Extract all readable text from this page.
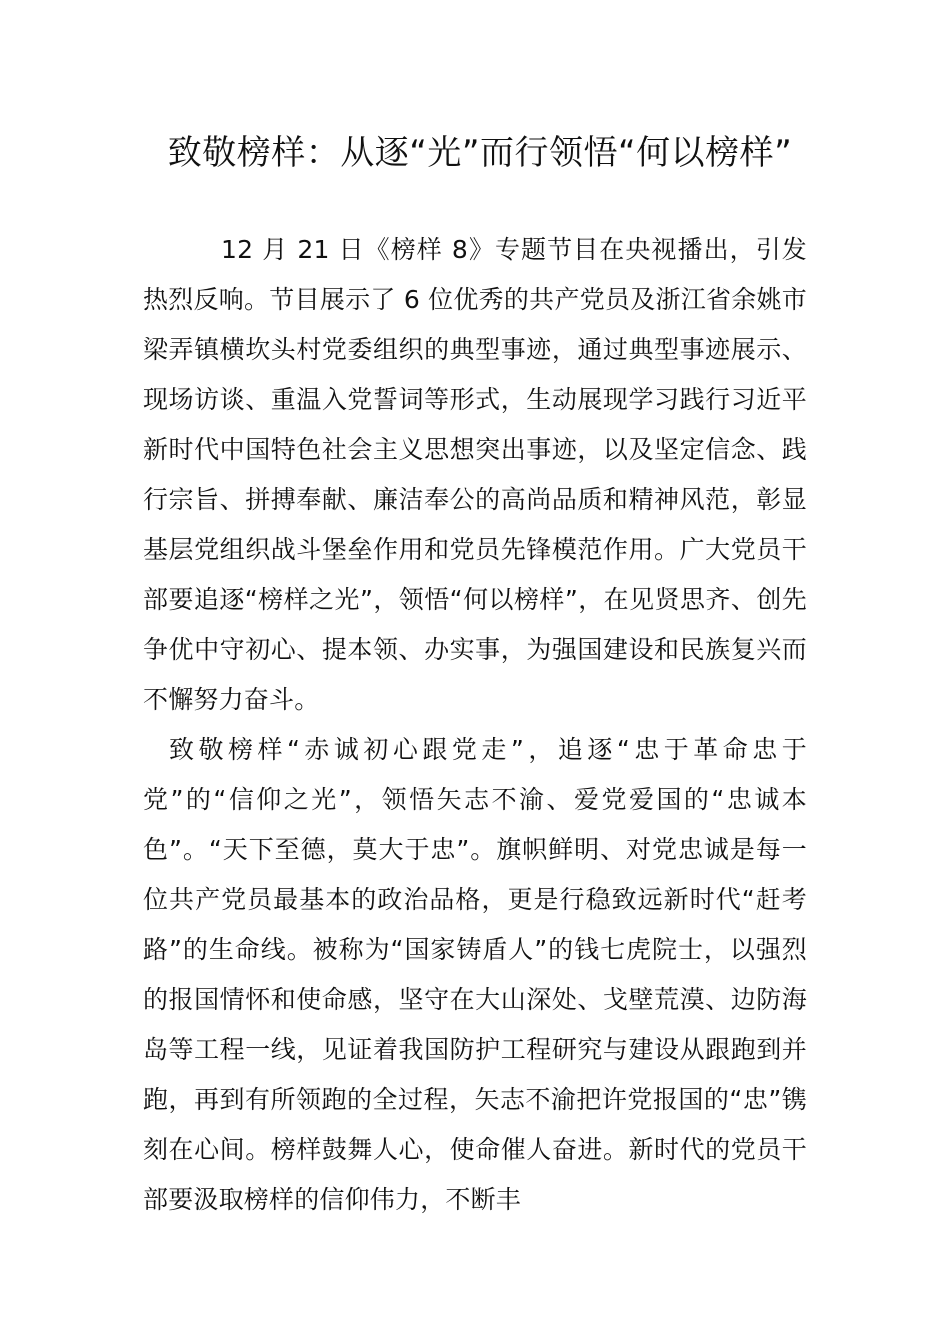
致敬榜样：从逐“光”而行领悟“何以榜样”

12 月 21 日《榜样 8》专题节目在央视播出，引发热烈反响。节目展示了 6 位优秀的共产党员及浙江省余姚市梁弄镇横坎头村党委组织的典型事迹，通过典型事迹展示、现场访谈、重温入党誓词等形式，生动展现学习践行习近平新时代中国特色社会主义思想突出事迹，以及坚定信念、践行宗旨、拼搏奉献、廉洁奉公的高尚品质和精神风范，彰显基层党组织战斗堡垒作用和党员先锋模范作用。广大党员干部要追逐“榜样之光”，领悟“何以榜样”，在见贤思齐、创先争优中守初心、提本领、办实事，为强国建设和民族复兴而不懈努力奋斗。

致敬榜样“赤诚初心跟党走”，追逐“忠于革命忠于党”的“信仰之光”，领悟矢志不渝、爱党爱国的“忠诚本色”。“天下至德，莫大于忠”。旗帜鲜明、对党忠诚是每一位共产党员最基本的政治品格，更是行稳致远新时代“赶考路”的生命线。被称为“国家铸盾人”的钱七虎院士，以强烈的报国情怀和使命感，坚守在大山深处、戈壁荒漠、边防海岛等工程一线，见证着我国防护工程研究与建设从跟跑到并跑，再到有所领跑的全过程，矢志不渝把许党报国的“忠”镌刻在心间。榜样鼓舞人心，使命催人奋进。新时代的党员干部要汲取榜样的信仰伟力，不断丰
